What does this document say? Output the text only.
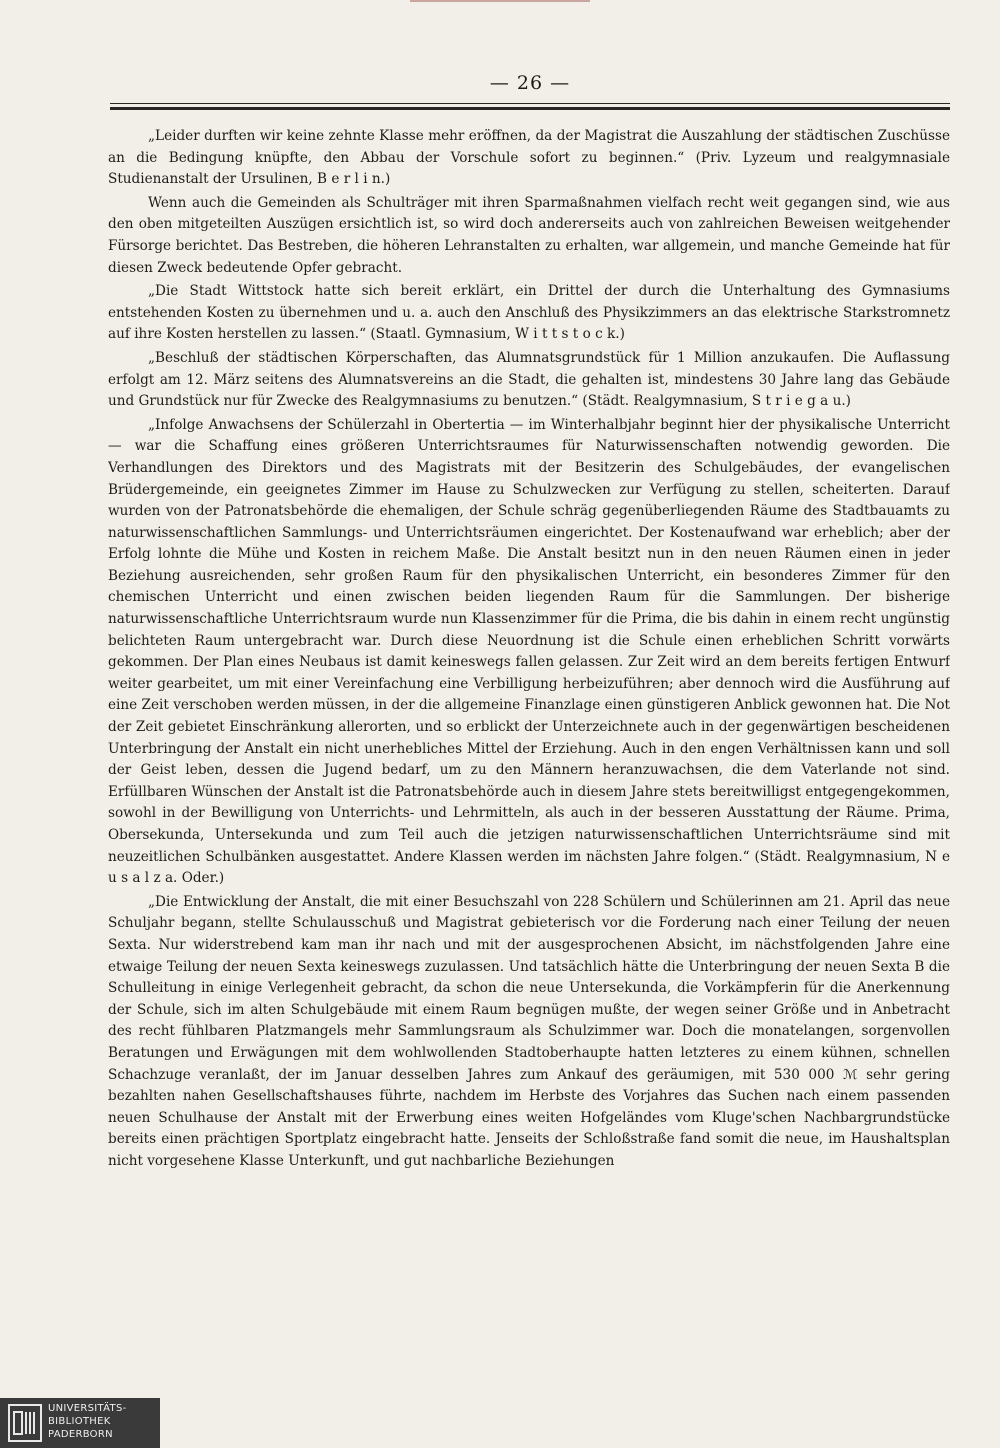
— 26 —

„Leider durften wir keine zehnte Klasse mehr eröffnen, da der Magistrat die Auszahlung der städtischen Zuschüsse an die Bedingung knüpfte, den Abbau der Vorschule sofort zu beginnen.“ (Priv. Lyzeum und realgymnasiale Studienanstalt der Ursulinen, B e r l i n.)

Wenn auch die Gemeinden als Schulträger mit ihren Sparmaßnahmen vielfach recht weit gegangen sind, wie aus den oben mitgeteilten Auszügen ersichtlich ist, so wird doch andererseits auch von zahlreichen Beweisen weitgehender Fürsorge berichtet. Das Bestreben, die höheren Lehranstalten zu erhalten, war allgemein, und manche Gemeinde hat für diesen Zweck bedeutende Opfer gebracht.

„Die Stadt Wittstock hatte sich bereit erklärt, ein Drittel der durch die Unterhaltung des Gymnasiums entstehenden Kosten zu übernehmen und u. a. auch den Anschluß des Physikzimmers an das elektrische Starkstromnetz auf ihre Kosten herstellen zu lassen.“ (Staatl. Gymnasium, W i t t s t o c k.)

„Beschluß der städtischen Körperschaften, das Alumnatsgrundstück für 1 Million anzukaufen. Die Auflassung erfolgt am 12. März seitens des Alumnatsvereins an die Stadt, die gehalten ist, mindestens 30 Jahre lang das Gebäude und Grundstück nur für Zwecke des Realgymnasiums zu benutzen.“ (Städt. Realgymnasium, S t r i e g a u.)

„Infolge Anwachsens der Schülerzahl in Obertertia — im Winterhalbjahr beginnt hier der physikalische Unterricht — war die Schaffung eines größeren Unterrichtsraumes für Naturwissenschaften notwendig geworden. Die Verhandlungen des Direktors und des Magistrats mit der Besitzerin des Schulgebäudes, der evangelischen Brüdergemeinde, ein geeignetes Zimmer im Hause zu Schulzwecken zur Verfügung zu stellen, scheiterten. Darauf wurden von der Patronatsbehörde die ehemaligen, der Schule schräg gegenüberliegenden Räume des Stadtbauamts zu naturwissenschaftlichen Sammlungs- und Unterrichtsräumen eingerichtet. Der Kostenaufwand war erheblich; aber der Erfolg lohnte die Mühe und Kosten in reichem Maße. Die Anstalt besitzt nun in den neuen Räumen einen in jeder Beziehung ausreichenden, sehr großen Raum für den physikalischen Unterricht, ein besonderes Zimmer für den chemischen Unterricht und einen zwischen beiden liegenden Raum für die Sammlungen. Der bisherige naturwissenschaftliche Unterrichtsraum wurde nun Klassenzimmer für die Prima, die bis dahin in einem recht ungünstig belichteten Raum untergebracht war. Durch diese Neuordnung ist die Schule einen erheblichen Schritt vorwärts gekommen. Der Plan eines Neubaus ist damit keineswegs fallen gelassen. Zur Zeit wird an dem bereits fertigen Entwurf weiter gearbeitet, um mit einer Vereinfachung eine Verbilligung herbeizuführen; aber dennoch wird die Ausführung auf eine Zeit verschoben werden müssen, in der die allgemeine Finanzlage einen günstigeren Anblick gewonnen hat. Die Not der Zeit gebietet Einschränkung allerorten, und so erblickt der Unterzeichnete auch in der gegenwärtigen bescheidenen Unterbringung der Anstalt ein nicht unerhebliches Mittel der Erziehung. Auch in den engen Verhältnissen kann und soll der Geist leben, dessen die Jugend bedarf, um zu den Männern heranzuwachsen, die dem Vaterlande not sind. Erfüllbaren Wünschen der Anstalt ist die Patronatsbehörde auch in diesem Jahre stets bereitwilligst entgegengekommen, sowohl in der Bewilligung von Unterrichts- und Lehrmitteln, als auch in der besseren Ausstattung der Räume. Prima, Obersekunda, Untersekunda und zum Teil auch die jetzigen naturwissenschaftlichen Unterrichtsräume sind mit neuzeitlichen Schulbänken ausgestattet. Andere Klassen werden im nächsten Jahre folgen.“ (Städt. Realgymnasium, N e u s a l z a. Oder.)

„Die Entwicklung der Anstalt, die mit einer Besuchszahl von 228 Schülern und Schülerinnen am 21. April das neue Schuljahr begann, stellte Schulausschuß und Magistrat gebieterisch vor die Forderung nach einer Teilung der neuen Sexta. Nur widerstrebend kam man ihr nach und mit der ausgesprochenen Absicht, im nächstfolgenden Jahre eine etwaige Teilung der neuen Sexta keineswegs zuzulassen. Und tatsächlich hätte die Unterbringung der neuen Sexta B die Schulleitung in einige Verlegenheit gebracht, da schon die neue Untersekunda, die Vorkämpferin für die Anerkennung der Schule, sich im alten Schulgebäude mit einem Raum begnügen mußte, der wegen seiner Größe und in Anbetracht des recht fühlbaren Platzmangels mehr Sammlungsraum als Schulzimmer war. Doch die monatelangen, sorgenvollen Beratungen und Erwägungen mit dem wohlwollenden Stadtoberhaupte hatten letzteres zu einem kühnen, schnellen Schachzuge veranlaßt, der im Januar desselben Jahres zum Ankauf des geräumigen, mit 530 000 ℳ sehr gering bezahlten nahen Gesellschaftshauses führte, nachdem im Herbste des Vorjahres das Suchen nach einem passenden neuen Schulhause der Anstalt mit der Erwerbung eines weiten Hofgeländes vom Kluge'schen Nachbargrundstücke bereits einen prächtigen Sportplatz eingebracht hatte. Jenseits der Schloßstraße fand somit die neue, im Haushaltsplan nicht vorgesehene Klasse Unterkunft, und gut nachbarliche Beziehungen

UNIVERSITÄTS-
BIBLIOTHEK
PADERBORN
